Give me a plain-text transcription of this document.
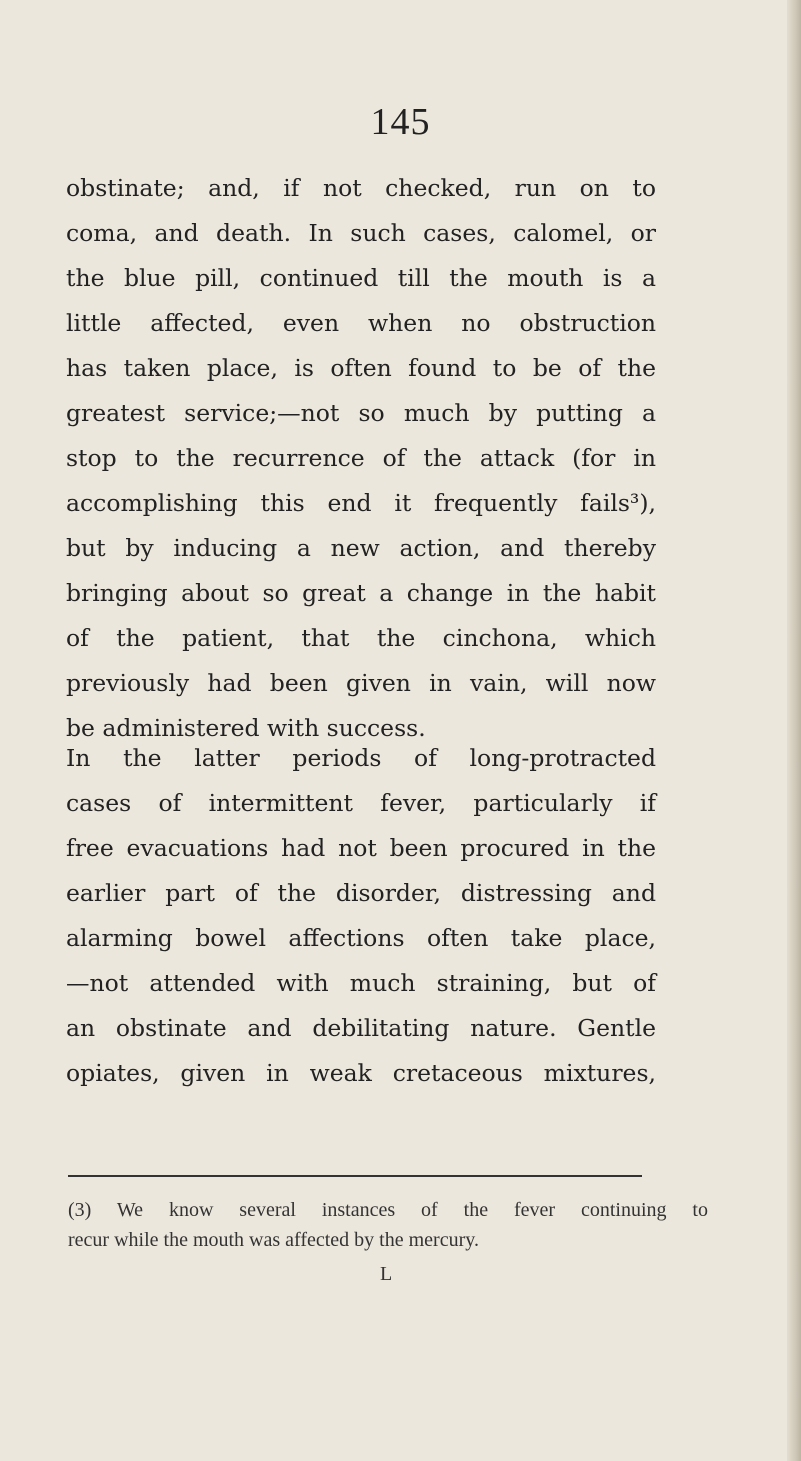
145
obstinate; and, if not checked, run on to
coma, and death. In such cases, calomel, or
the blue pill, continued till the mouth is a
little affected, even when no obstruction
has taken place, is often found to be of the
greatest service;—not so much by putting a
stop to the recurrence of the attack (for in
accomplishing this end it frequently fails³),
but by inducing a new action, and thereby
bringing about so great a change in the habit
of the patient, that the cinchona, which
previously had been given in vain, will now
be administered with success.
In the latter periods of long-protracted
cases of intermittent fever, particularly if
free evacuations had not been procured in the
earlier part of the disorder, distressing and
alarming bowel affections often take place,
—not attended with much straining, but of
an obstinate and debilitating nature. Gentle
opiates, given in weak cretaceous mixtures,
(3) We know several instances of the fever continuing to
recur while the mouth was affected by the mercury.
L
